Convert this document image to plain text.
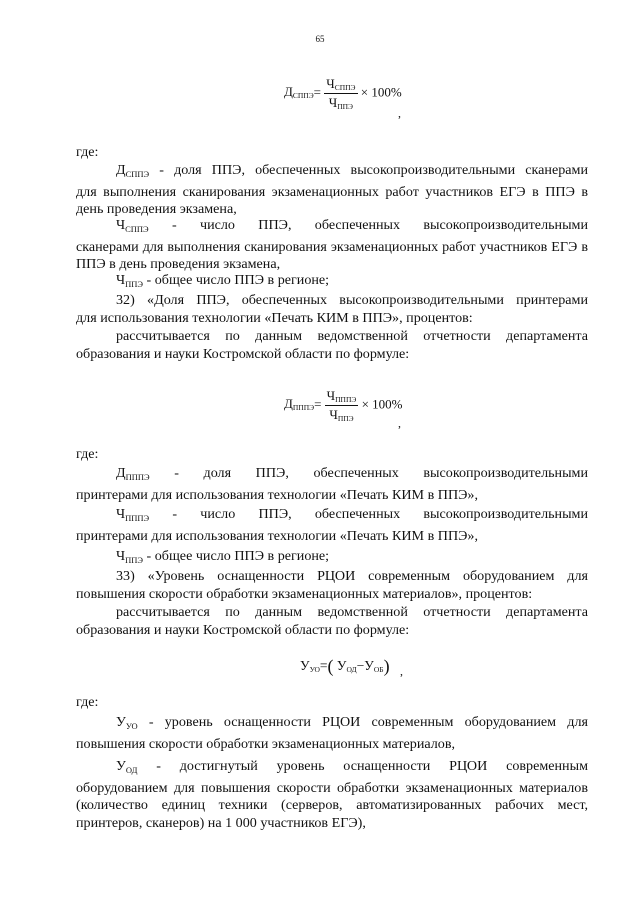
65
$Д_{СППЭ}= \frac{Ч_{СППЭ}}{Ч_{ППЭ}} \times 100\%$
,

где:

$Д_{СППЭ}$ - доля ППЭ, обеспеченных высокопроизводительными сканерами
для выполнения сканирования экзаменационных работ участников ЕГЭ в ППЭ в день проведения экзамена,

$Ч_{СППЭ}$ - число ППЭ, обеспеченных высокопроизводительными
сканерами для выполнения сканирования экзаменационных работ участников ЕГЭ в ППЭ в день проведения экзамена,

$Ч_{ППЭ}$ - общее число ППЭ в регионе;

32) «Доля ППЭ, обеспеченных высокопроизводительными принтерами
для использования технологии «Печать КИМ в ППЭ», процентов:

рассчитывается по данным ведомственной отчетности департамента
образования и науки Костромской области по формуле:

$Д_{ПППЭ}= \frac{Ч_{ПППЭ}}{Ч_{ППЭ}} \times 100\%$
,

где:

$Д_{ПППЭ}$ - доля ППЭ, обеспеченных высокопроизводительными
принтерами для использования технологии «Печать КИМ в ППЭ»,

$Ч_{ПППЭ}$ - число ППЭ, обеспеченных высокопроизводительными
принтерами для использования технологии «Печать КИМ в ППЭ»,

$Ч_{ППЭ}$ - общее число ППЭ в регионе;

33) «Уровень оснащенности РЦОИ современным оборудованием для
повышения скорости обработки экзаменационных материалов», процентов:

рассчитывается по данным ведомственной отчетности департамента
образования и науки Костромской области по формуле:

$У_{УО}=$( $У_{ОД}-У_{ОБ}$) ,

где:

$У_{УО}$ - уровень оснащенности РЦОИ современным оборудованием для
повышения скорости обработки экзаменационных материалов,

$У_{ОД}$ - достигнутый уровень оснащенности РЦОИ современным
оборудованием для повышения скорости обработки экзаменационных материалов (количество единиц техники (серверов, автоматизированных рабочих мест, принтеров, сканеров) на 1 000 участников ЕГЭ),
